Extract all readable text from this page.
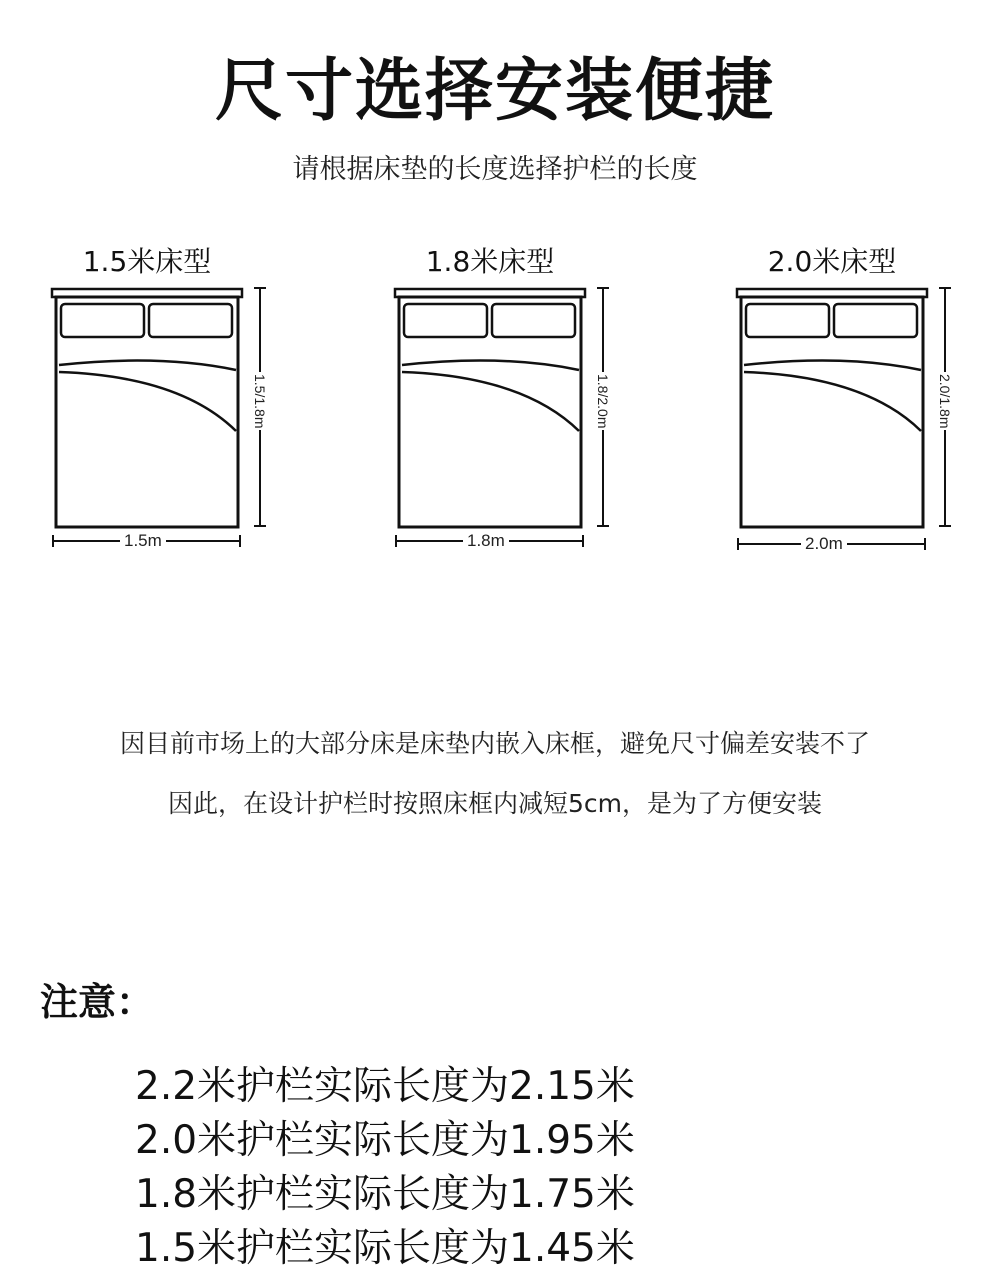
尺寸选择安装便捷
请根据床垫的长度选择护栏的长度
1.5米床型
1.5m
1.5/1.8m
1.8米床型
1.8m
1.8/2.0m
2.0米床型
2.0m
2.0/1.8m
因目前市场上的大部分床是床垫内嵌入床框，避免尺寸偏差安装不了
因此，在设计护栏时按照床框内减短5cm，是为了方便安装
注意：
2.2米护栏实际长度为2.15米
2.0米护栏实际长度为1.95米
1.8米护栏实际长度为1.75米
1.5米护栏实际长度为1.45米
